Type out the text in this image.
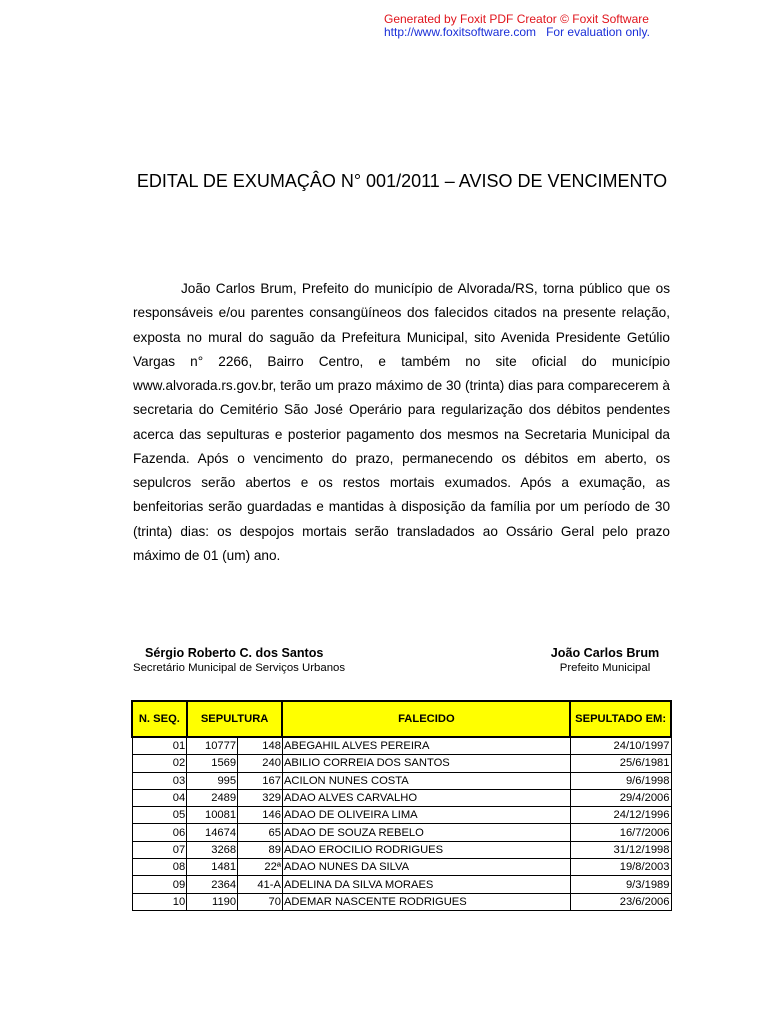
Generated by Foxit PDF Creator © Foxit Software
http://www.foxitsoftware.com For evaluation only.
EDITAL DE EXUMAÇÂO N° 001/2011 – AVISO DE VENCIMENTO

João Carlos Brum, Prefeito do município de Alvorada/RS, torna público que os responsáveis e/ou parentes consangüíneos dos falecidos citados na presente relação, exposta no mural do saguão da Prefeitura Municipal, sito Avenida Presidente Getúlio Vargas n° 2266, Bairro Centro, e também no site oficial do município www.alvorada.rs.gov.br, terão um prazo máximo de 30 (trinta) dias para comparecerem à secretaria do Cemitério São José Operário para regularização dos débitos pendentes acerca das sepulturas e posterior pagamento dos mesmos na Secretaria Municipal da Fazenda. Após o vencimento do prazo, permanecendo os débitos em aberto, os sepulcros serão abertos e os restos mortais exumados. Após a exumação, as benfeitorias serão guardadas e mantidas à disposição da família por um período de 30 (trinta) dias: os despojos mortais serão transladados ao Ossário Geral pelo prazo máximo de 01 (um) ano.

Sérgio Roberto C. dos Santos
Secretário Municipal de Serviços Urbanos
João Carlos Brum
Prefeito Municipal
N. SEQ.	SEPULTURA		FALECIDO	SEPULTADO EM:
01	10777	148	ABEGAHIL ALVES PEREIRA	24/10/1997
02	1569	240	ABILIO CORREIA DOS SANTOS	25/6/1981
03	995	167	ACILON NUNES COSTA	9/6/1998
04	2489	329	ADAO ALVES CARVALHO	29/4/2006
05	10081	146	ADAO DE OLIVEIRA LIMA	24/12/1996
06	14674	65	ADAO DE SOUZA REBELO	16/7/2006
07	3268	89	ADAO EROCILIO RODRIGUES	31/12/1998
08	1481	22ª	ADAO NUNES DA SILVA	19/8/2003
09	2364	41-A	ADELINA DA SILVA MORAES	9/3/1989
10	1190	70	ADEMAR NASCENTE RODRIGUES	23/6/2006
